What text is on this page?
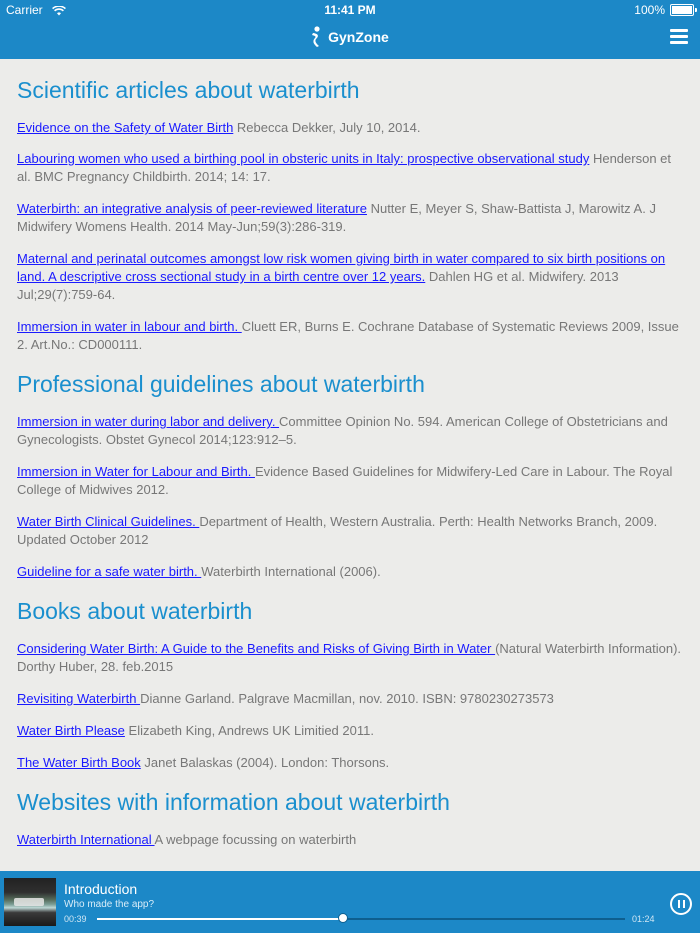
Carrier	11:41 PM	100%
GynZone
Scientific articles about waterbirth

Evidence on the Safety of Water Birth Rebecca Dekker, July 10, 2014.

Labouring women who used a birthing pool in obsteric units in Italy: prospective observational study Henderson et al. BMC Pregnancy Childbirth. 2014; 14: 17.

Waterbirth: an integrative analysis of peer-reviewed literature Nutter E, Meyer S, Shaw-Battista J, Marowitz A. J Midwifery Womens Health. 2014 May-Jun;59(3):286-319.

Maternal and perinatal outcomes amongst low risk women giving birth in water compared to six birth positions on land. A descriptive cross sectional study in a birth centre over 12 years. Dahlen HG et al. Midwifery. 2013 Jul;29(7):759-64.

Immersion in water in labour and birth. Cluett ER, Burns E. Cochrane Database of Systematic Reviews 2009, Issue 2. Art.No.: CD000111.

Professional guidelines about waterbirth

Immersion in water during labor and delivery. Committee Opinion No. 594. American College of Obstetricians and Gynecologists. Obstet Gynecol 2014;123:912–5.

Immersion in Water for Labour and Birth. Evidence Based Guidelines for Midwifery-Led Care in Labour. The Royal College of Midwives 2012.

Water Birth Clinical Guidelines. Department of Health, Western Australia. Perth: Health Networks Branch, 2009. Updated October 2012

Guideline for a safe water birth. Waterbirth International (2006).

Books about waterbirth

Considering Water Birth: A Guide to the Benefits and Risks of Giving Birth in Water (Natural Waterbirth Information). Dorthy Huber, 28. feb.2015

Revisiting Waterbirth Dianne Garland. Palgrave Macmillan, nov. 2010. ISBN: 9780230273573

Water Birth Please Elizabeth King, Andrews UK Limitied 2011.

The Water Birth Book Janet Balaskas (2004). London: Thorsons.

Websites with information about waterbirth

Waterbirth International A webpage focussing on waterbirth

Introduction
Who made the app?
00:39	01:24
